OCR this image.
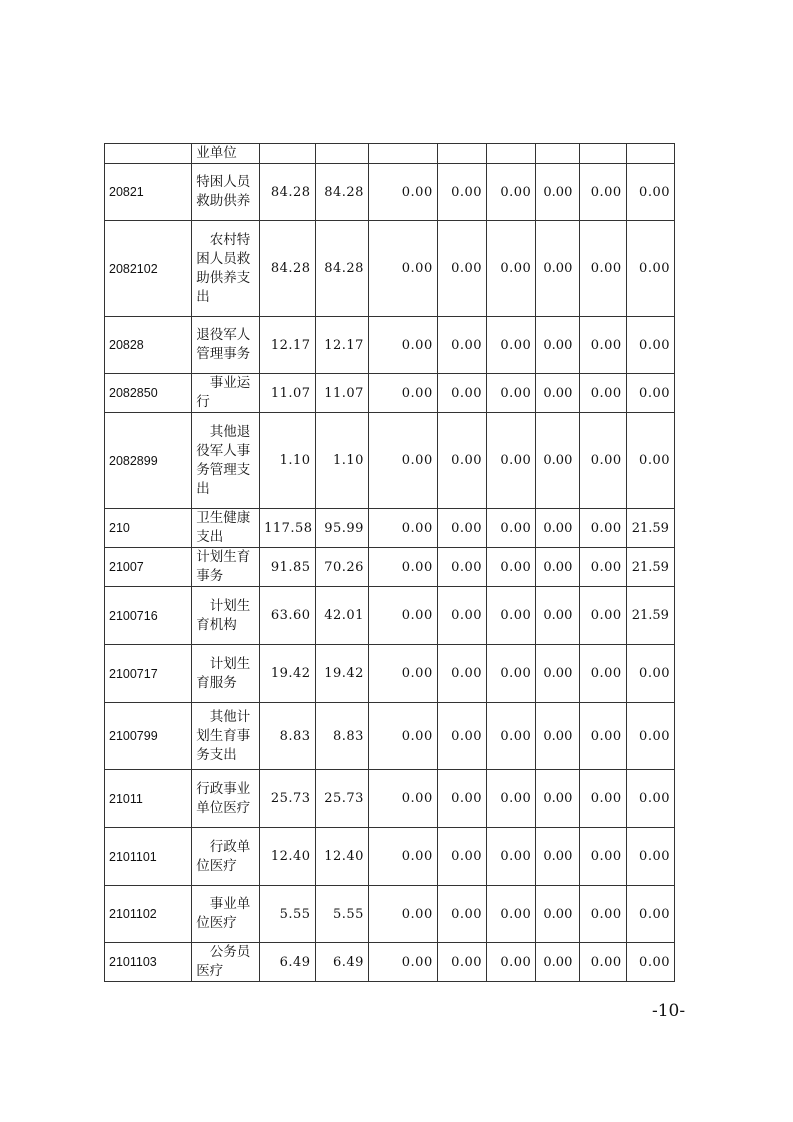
	业单位								

20821	特困人员救助供养	84.28	84.28	0.00	0.00	0.00	0.00	0.00	0.00
2082102	农村特困人员救助供养支出	84.28	84.28	0.00	0.00	0.00	0.00	0.00	0.00
20828	退役军人管理事务	12.17	12.17	0.00	0.00	0.00	0.00	0.00	0.00
2082850	事业运行	11.07	11.07	0.00	0.00	0.00	0.00	0.00	0.00
2082899	其他退役军人事务管理支出	1.10	1.10	0.00	0.00	0.00	0.00	0.00	0.00
210	卫生健康支出	117.58	95.99	0.00	0.00	0.00	0.00	0.00	21.59
21007	计划生育事务	91.85	70.26	0.00	0.00	0.00	0.00	0.00	21.59
2100716	计划生育机构	63.60	42.01	0.00	0.00	0.00	0.00	0.00	21.59
2100717	计划生育服务	19.42	19.42	0.00	0.00	0.00	0.00	0.00	0.00
2100799	其他计划生育事务支出	8.83	8.83	0.00	0.00	0.00	0.00	0.00	0.00
21011	行政事业单位医疗	25.73	25.73	0.00	0.00	0.00	0.00	0.00	0.00
2101101	行政单位医疗	12.40	12.40	0.00	0.00	0.00	0.00	0.00	0.00
2101102	事业单位医疗	5.55	5.55	0.00	0.00	0.00	0.00	0.00	0.00
2101103	公务员医疗	6.49	6.49	0.00	0.00	0.00	0.00	0.00	0.00
-10-
